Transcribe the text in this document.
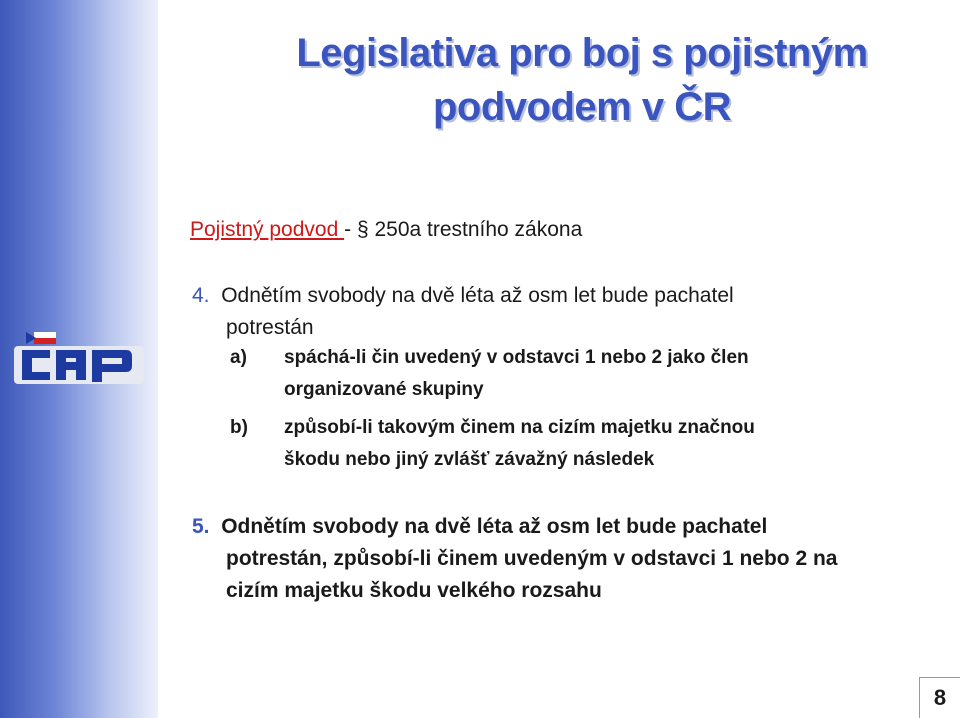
Legislativa pro boj s pojistným
podvodem v ČR
Pojistný podvod - § 250a trestního zákona
4. Odnětím svobody na dvě léta až osm let bude pachatel
potrestán
a) spáchá-li čin uvedený v odstavci 1 nebo 2 jako člen
organizované skupiny
b) způsobí-li takovým činem na cizím majetku značnou
škodu nebo jiný zvlášť závažný následek
5. Odnětím svobody na dvě léta až osm let bude pachatel
potrestán, způsobí-li činem uvedeným v odstavci 1 nebo 2 na
cizím majetku škodu velkého rozsahu
8
